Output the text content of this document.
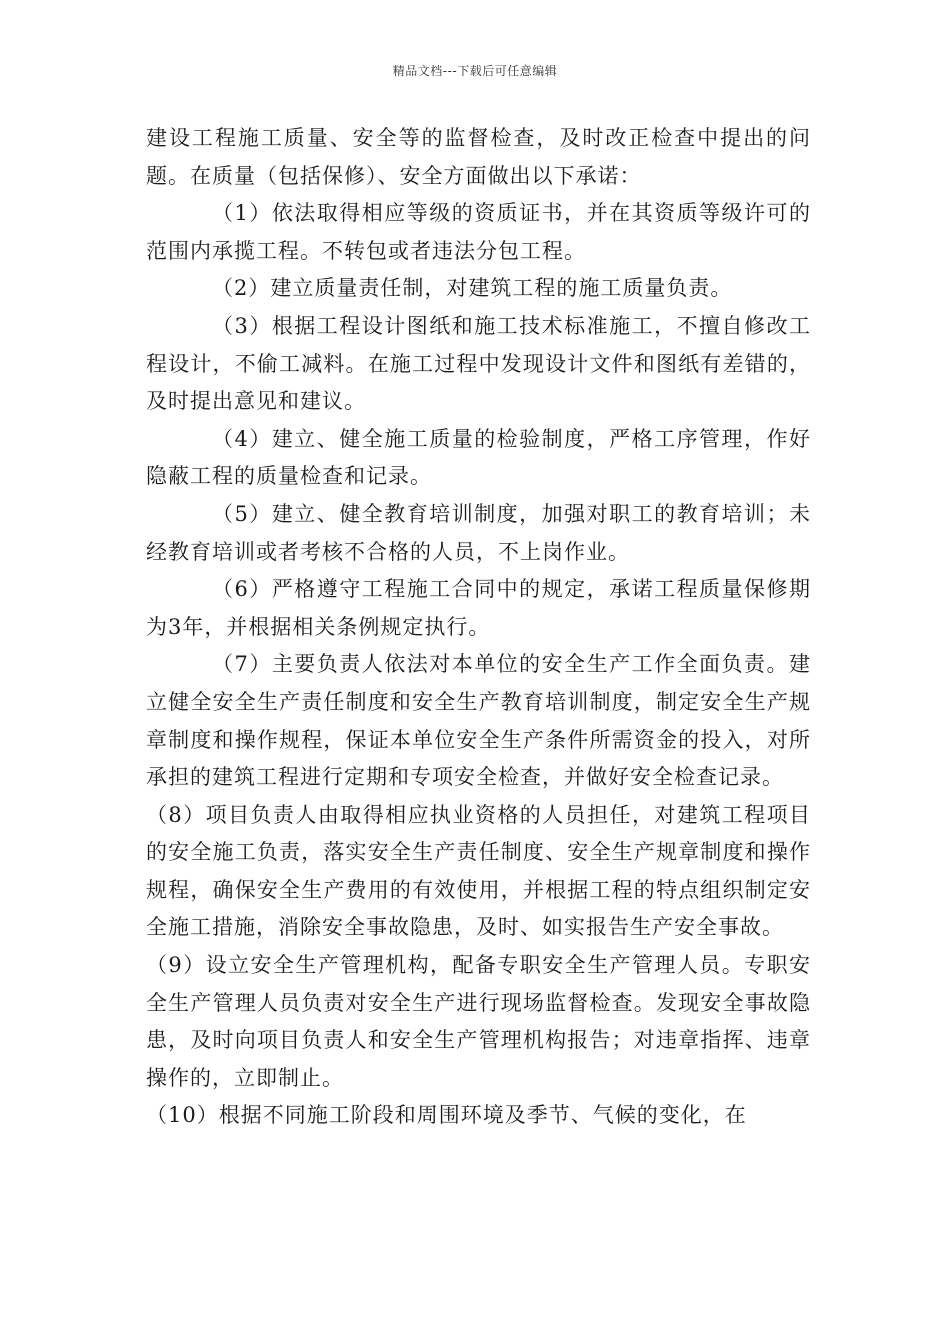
精品文档---下载后可任意编辑

建设工程施工质量、安全等的监督检查，及时改正检查中提出的问题。在质量（包括保修）、安全方面做出以下承诺：

（1）依法取得相应等级的资质证书，并在其资质等级许可的范围内承揽工程。不转包或者违法分包工程。

（2）建立质量责任制，对建筑工程的施工质量负责。

（3）根据工程设计图纸和施工技术标准施工，不擅自修改工程设计，不偷工减料。在施工过程中发现设计文件和图纸有差错的，及时提出意见和建议。

（4）建立、健全施工质量的检验制度，严格工序管理，作好隐蔽工程的质量检查和记录。

（5）建立、健全教育培训制度，加强对职工的教育培训；未经教育培训或者考核不合格的人员，不上岗作业。

（6）严格遵守工程施工合同中的规定，承诺工程质量保修期为3年，并根据相关条例规定执行。

（7）主要负责人依法对本单位的安全生产工作全面负责。建立健全安全生产责任制度和安全生产教育培训制度，制定安全生产规章制度和操作规程，保证本单位安全生产条件所需资金的投入，对所承担的建筑工程进行定期和专项安全检查，并做好安全检查记录。

（8）项目负责人由取得相应执业资格的人员担任，对建筑工程项目的安全施工负责，落实安全生产责任制度、安全生产规章制度和操作规程，确保安全生产费用的有效使用，并根据工程的特点组织制定安全施工措施，消除安全事故隐患，及时、如实报告生产安全事故。

（9）设立安全生产管理机构，配备专职安全生产管理人员。专职安全生产管理人员负责对安全生产进行现场监督检查。发现安全事故隐患，及时向项目负责人和安全生产管理机构报告；对违章指挥、违章操作的，立即制止。

（10）根据不同施工阶段和周围环境及季节、气候的变化，在
